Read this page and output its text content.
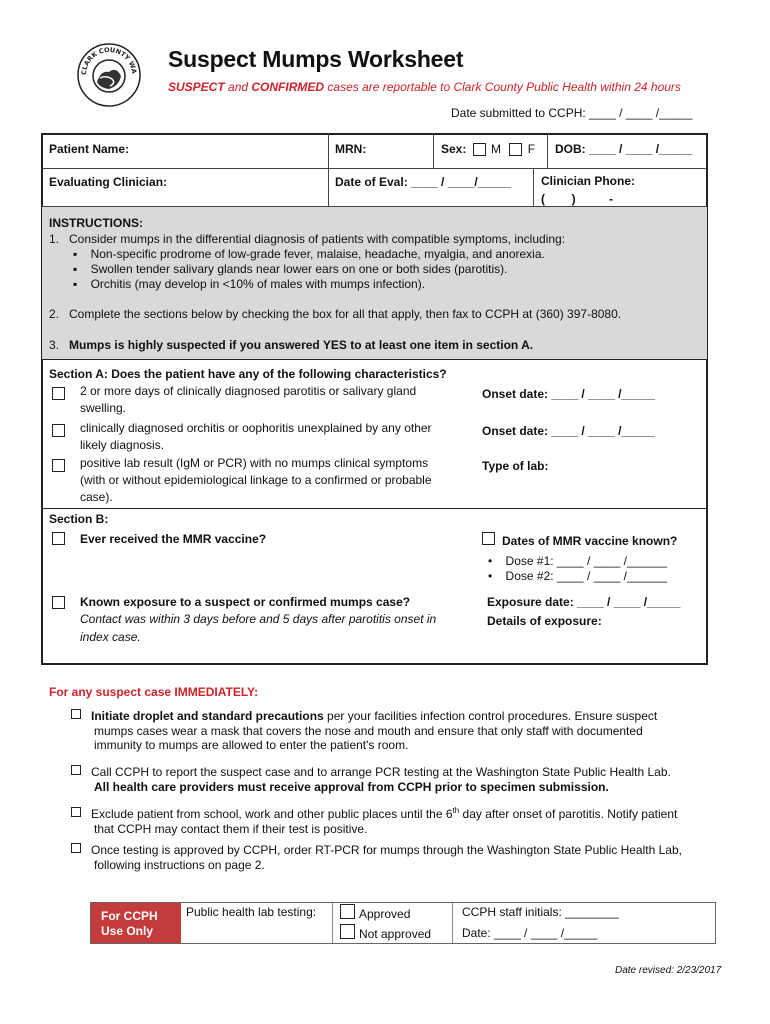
CLARK COUNTY WA Suspect Mumps Worksheet
SUSPECT and CONFIRMED cases are reportable to Clark County Public Health within 24 hours
Date submitted to CCPH: ____ / ____ /_____
Patient Name:	MRN:	Sex: M F DOB: ____ / ____ /_____
Evaluating Clinician:	Date of Eval: ____ / ____/_____ Clinician Phone:
(        )          -
INSTRUCTIONS:
1.   Consider mumps in the differential diagnosis of patients with compatible symptoms, including:
▪    Non-specific prodrome of low-grade fever, malaise, headache, myalgia, and anorexia.
▪    Swollen tender salivary glands near lower ears on one or both sides (parotitis).
▪    Orchitis (may develop in <10% of males with mumps infection).
2.   Complete the sections below by checking the box for all that apply, then fax to CCPH at (360) 397-8080.
3. Mumps is highly suspected if you answered YES to at least one item in section A.
Section A: Does the patient have any of the following characteristics?
2 or more days of clinically diagnosed parotitis or salivary gland
swelling.
Onset date: ____ / ____ /_____
clinically diagnosed orchitis or oophoritis unexplained by any other
likely diagnosis.
Onset date: ____ / ____ /_____
positive lab result (IgM or PCR) with no mumps clinical symptoms
(with or without epidemiological linkage to a confirmed or probable
case).
Type of lab:
Section B:
Ever received the MMR vaccine?	Dates of MMR vaccine known?
•    Dose #1: ____ / ____ /______
•    Dose #2: ____ / ____ /______
Known exposure to a suspect or confirmed mumps case?
Contact was within 3 days before and 5 days after parotitis onset in
index case.
Exposure date: ____ / ____ /_____
Details of exposure:
For any suspect case IMMEDIATELY:
Initiate droplet and standard precautions per your facilities infection control procedures. Ensure suspect
mumps cases wear a mask that covers the nose and mouth and ensure that only staff with documented
immunity to mumps are allowed to enter the patient's room.
Call CCPH to report the suspect case and to arrange PCR testing at the Washington State Public Health Lab.
All health care providers must receive approval from CCPH prior to specimen submission.
Exclude patient from school, work and other public places until the 6th day after onset of parotitis. Notify patient
that CCPH may contact them if their test is positive.
Once testing is approved by CCPH, order RT-PCR for mumps through the Washington State Public Health Lab,
following instructions on page 2.
For CCPH
Use Only
Public health lab testing:	Approved
Not approved
CCPH staff initials: ________
Date: ____ / ____ /_____
Date revised: 2/23/2017
